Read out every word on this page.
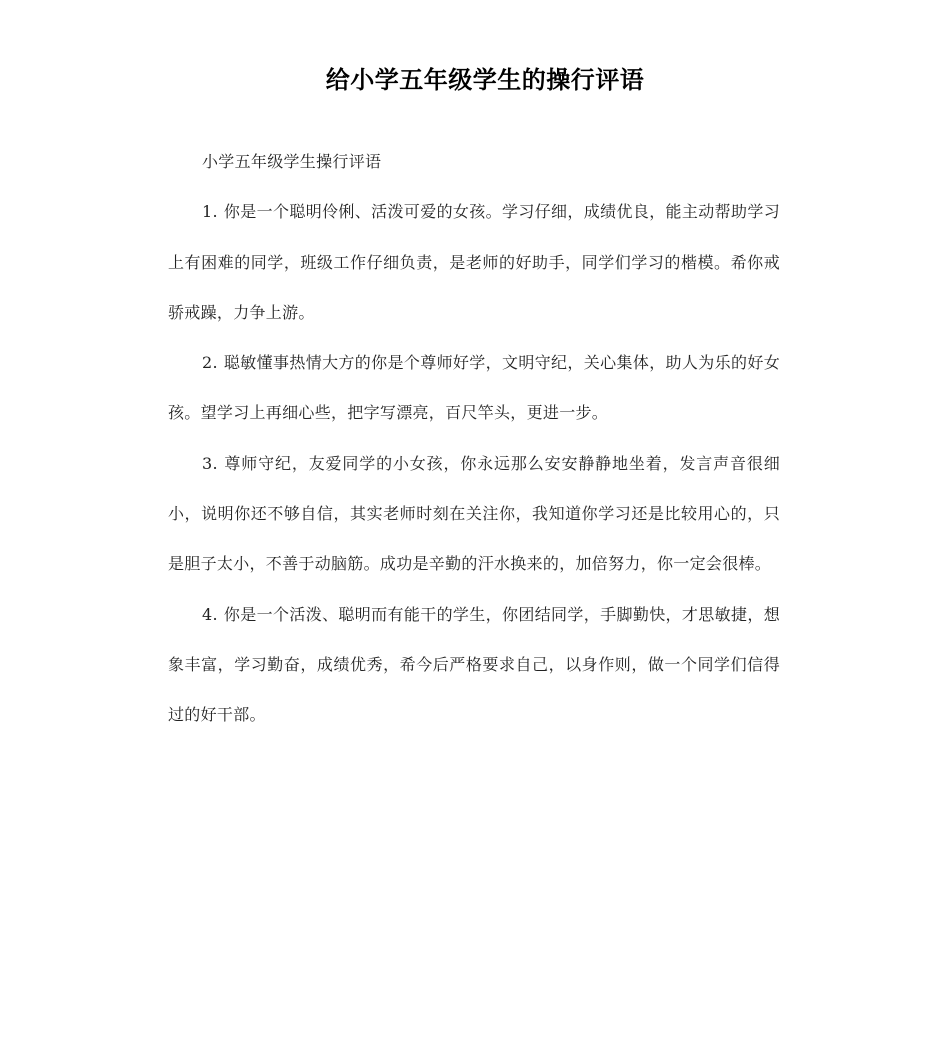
给小学五年级学生的操行评语

小学五年级学生操行评语

1. 你是一个聪明伶俐、活泼可爱的女孩。学习仔细，成绩优良，能主动帮助学习上有困难的同学，班级工作仔细负责，是老师的好助手，同学们学习的楷模。希你戒骄戒躁，力争上游。

2. 聪敏懂事热情大方的你是个尊师好学，文明守纪，关心集体，助人为乐的好女孩。望学习上再细心些，把字写漂亮，百尺竿头，更进一步。

3. 尊师守纪，友爱同学的小女孩，你永远那么安安静静地坐着，发言声音很细小，说明你还不够自信，其实老师时刻在关注你，我知道你学习还是比较用心的，只是胆子太小，不善于动脑筋。成功是辛勤的汗水换来的，加倍努力，你一定会很棒。

4. 你是一个活泼、聪明而有能干的学生，你团结同学，手脚勤快，才思敏捷，想象丰富，学习勤奋，成绩优秀，希今后严格要求自己，以身作则，做一个同学们信得过的好干部。
